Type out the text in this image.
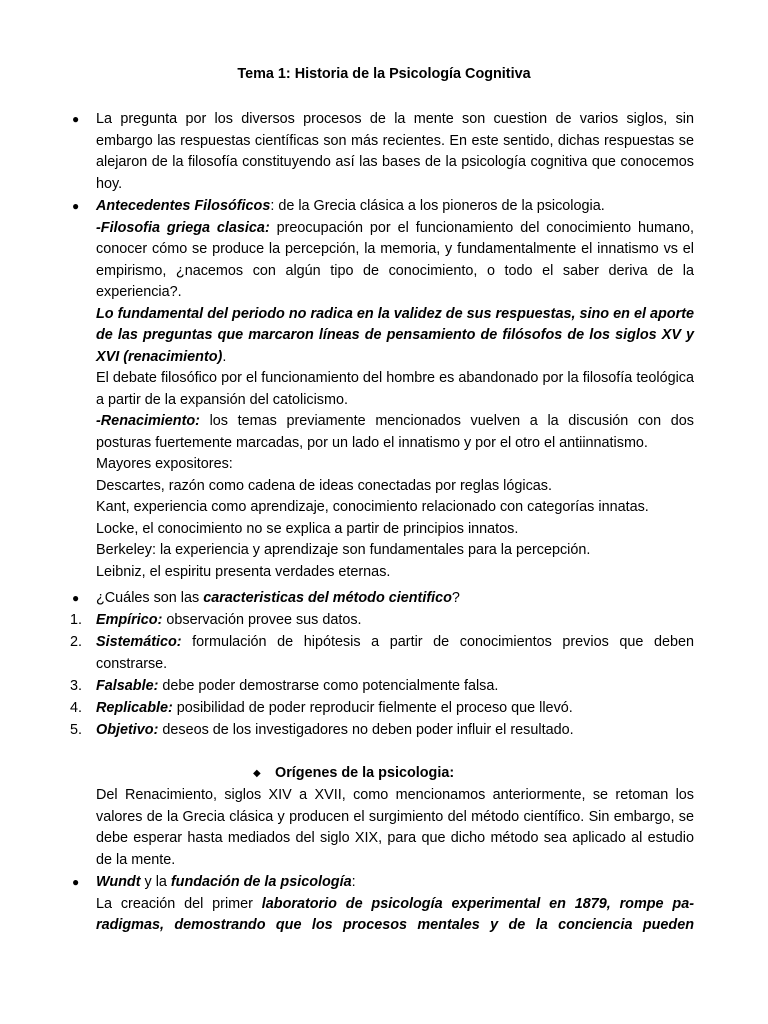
Tema 1: Historia de la Psicología Cognitiva
● La pregunta por los diversos procesos de la mente son cuestion de varios siglos, sin embargo las respuestas científicas son más recientes. En este sentido, dichas respuestas se alejaron de la filosofía constituyendo así las bases de la psicología cognitiva que conocemos hoy.

● Antecedentes Filosóficos: de la Grecia clásica a los pioneros de la psicologia.

-Filosofia griega clasica: preocupación por el funcionamiento del conocimiento humano, conocer cómo se produce la percepción, la memoria, y fundamentalmente el innatismo vs el empirismo, ¿nacemos con algún tipo de conocimiento, o todo el saber deriva de la experiencia?.

Lo fundamental del periodo no radica en la validez de sus respuestas, sino en el aporte de las preguntas que marcaron líneas de pensamiento de filósofos de los siglos XV y XVI (renacimiento).

El debate filosófico por el funcionamiento del hombre es abandonado por la filosofía teológica a partir de la expansión del catolicismo.

-Renacimiento: los temas previamente mencionados vuelven a la discusión con dos posturas fuertemente marcadas, por un lado el innatismo y por el otro el antiinnatismo.

Mayores expositores:

Descartes, razón como cadena de ideas conectadas por reglas lógicas.

Kant, experiencia como aprendizaje, conocimiento relacionado con categorías innatas.

Locke, el conocimiento no se explica a partir de principios innatos.

Berkeley: la experiencia y aprendizaje son fundamentales para la percepción.

Leibniz, el espiritu presenta verdades eternas.

● ¿Cuáles son las caracteristicas del método cientifico?

1. Empírico: observación provee sus datos.

2. Sistemático: formulación de hipótesis a partir de conocimientos previos que deben constrarse.

3. Falsable: debe poder demostrarse como potencialmente falsa.

4. Replicable: posibilidad de poder reproducir fielmente el proceso que llevó.

5. Objetivo: deseos de los investigadores no deben poder influir el resultado.

◆ Orígenes de la psicologia:

Del Renacimiento, siglos XIV a XVII, como mencionamos anteriormente, se retoman los valores de la Grecia clásica y producen el surgimiento del método científico. Sin embargo, se debe esperar hasta mediados del siglo XIX, para que dicho método sea aplicado al estudio de la mente.

● Wundt y la fundación de la psicología:

La creación del primer laboratorio de psicología experimental en 1879, rompe pa-

radigmas, demostrando que los procesos mentales y de la conciencia pueden
